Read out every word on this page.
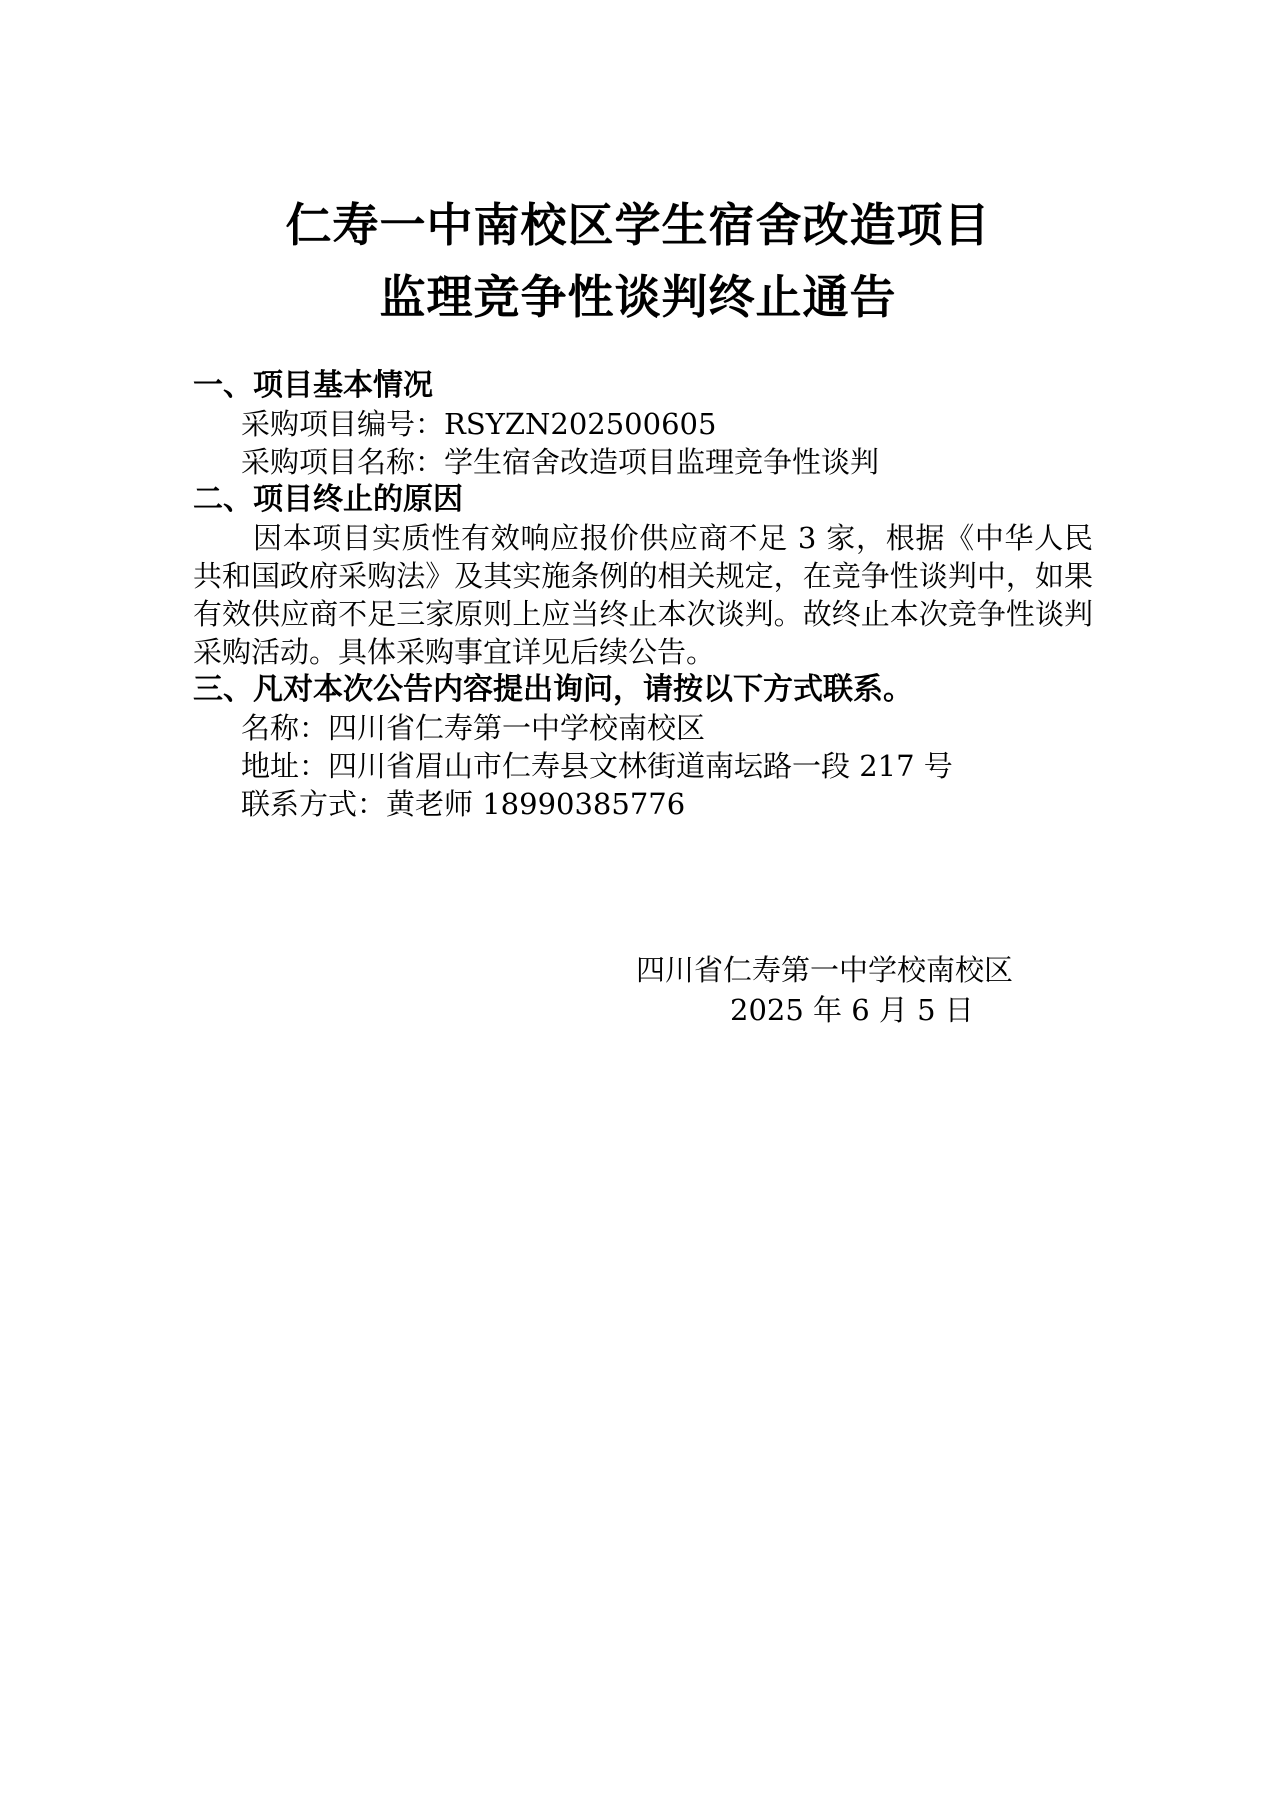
仁寿一中南校区学生宿舍改造项目
监理竞争性谈判终止通告
一、项目基本情况
采购项目编号：RSYZN202500605
采购项目名称：学生宿舍改造项目监理竞争性谈判
二、项目终止的原因
因本项目实质性有效响应报价供应商不足 3 家，根据《中华人民共和国政府采购法》及其实施条例的相关规定，在竞争性谈判中，如果有效供应商不足三家原则上应当终止本次谈判。故终止本次竞争性谈判采购活动。具体采购事宜详见后续公告。
三、凡对本次公告内容提出询问，请按以下方式联系。
名称：四川省仁寿第一中学校南校区
地址：四川省眉山市仁寿县文林街道南坛路一段 217 号
联系方式：黄老师 18990385776
四川省仁寿第一中学校南校区
2025 年 6 月 5 日
